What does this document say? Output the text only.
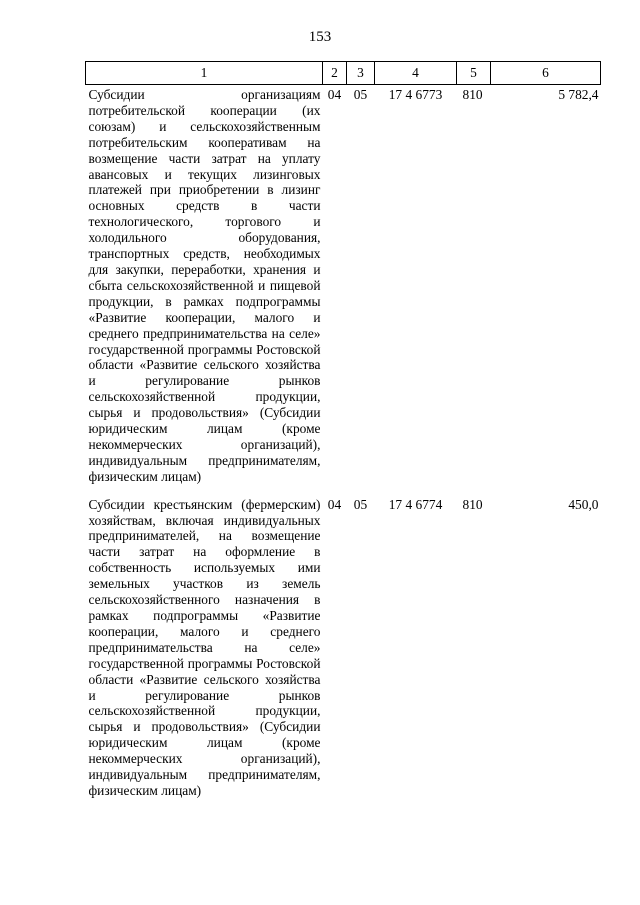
153
1	2	3	4	5	6
Субсидии организациям потребительской кооперации (их союзам) и сельскохозяйственным потребительским кооперативам на возмещение части затрат на уплату авансовых и текущих лизинговых платежей при приобретении в лизинг основных средств в части технологического, торгового и холодильного оборудования, транспортных средств, необходимых для закупки, переработки, хранения и сбыта сельскохозяйственной и пищевой продукции, в рамках подпрограммы «Развитие кооперации, малого и среднего предпринимательства на селе» государственной программы Ростовской области «Развитие сельского хозяйства и регулирование рынков сельскохозяйственной продукции, сырья и продовольствия» (Субсидии юридическим лицам (кроме некоммерческих организаций), индивидуальным предпринимателям, физическим лицам)	04	05	17 4 6773	810	5 782,4
Субсидии крестьянским (фермерским) хозяйствам, включая индивидуальных предпринимателей, на возмещение части затрат на оформление в собственность используемых ими земельных участков из земель сельскохозяйственного назначения в рамках подпрограммы «Развитие кооперации, малого и среднего предпринимательства на селе» государственной программы Ростовской области «Развитие сельского хозяйства и регулирование рынков сельскохозяйственной продукции, сырья и продовольствия» (Субсидии юридическим лицам (кроме некоммерческих организаций), индивидуальным предпринимателям, физическим лицам)	04	05	17 4 6774	810	450,0
